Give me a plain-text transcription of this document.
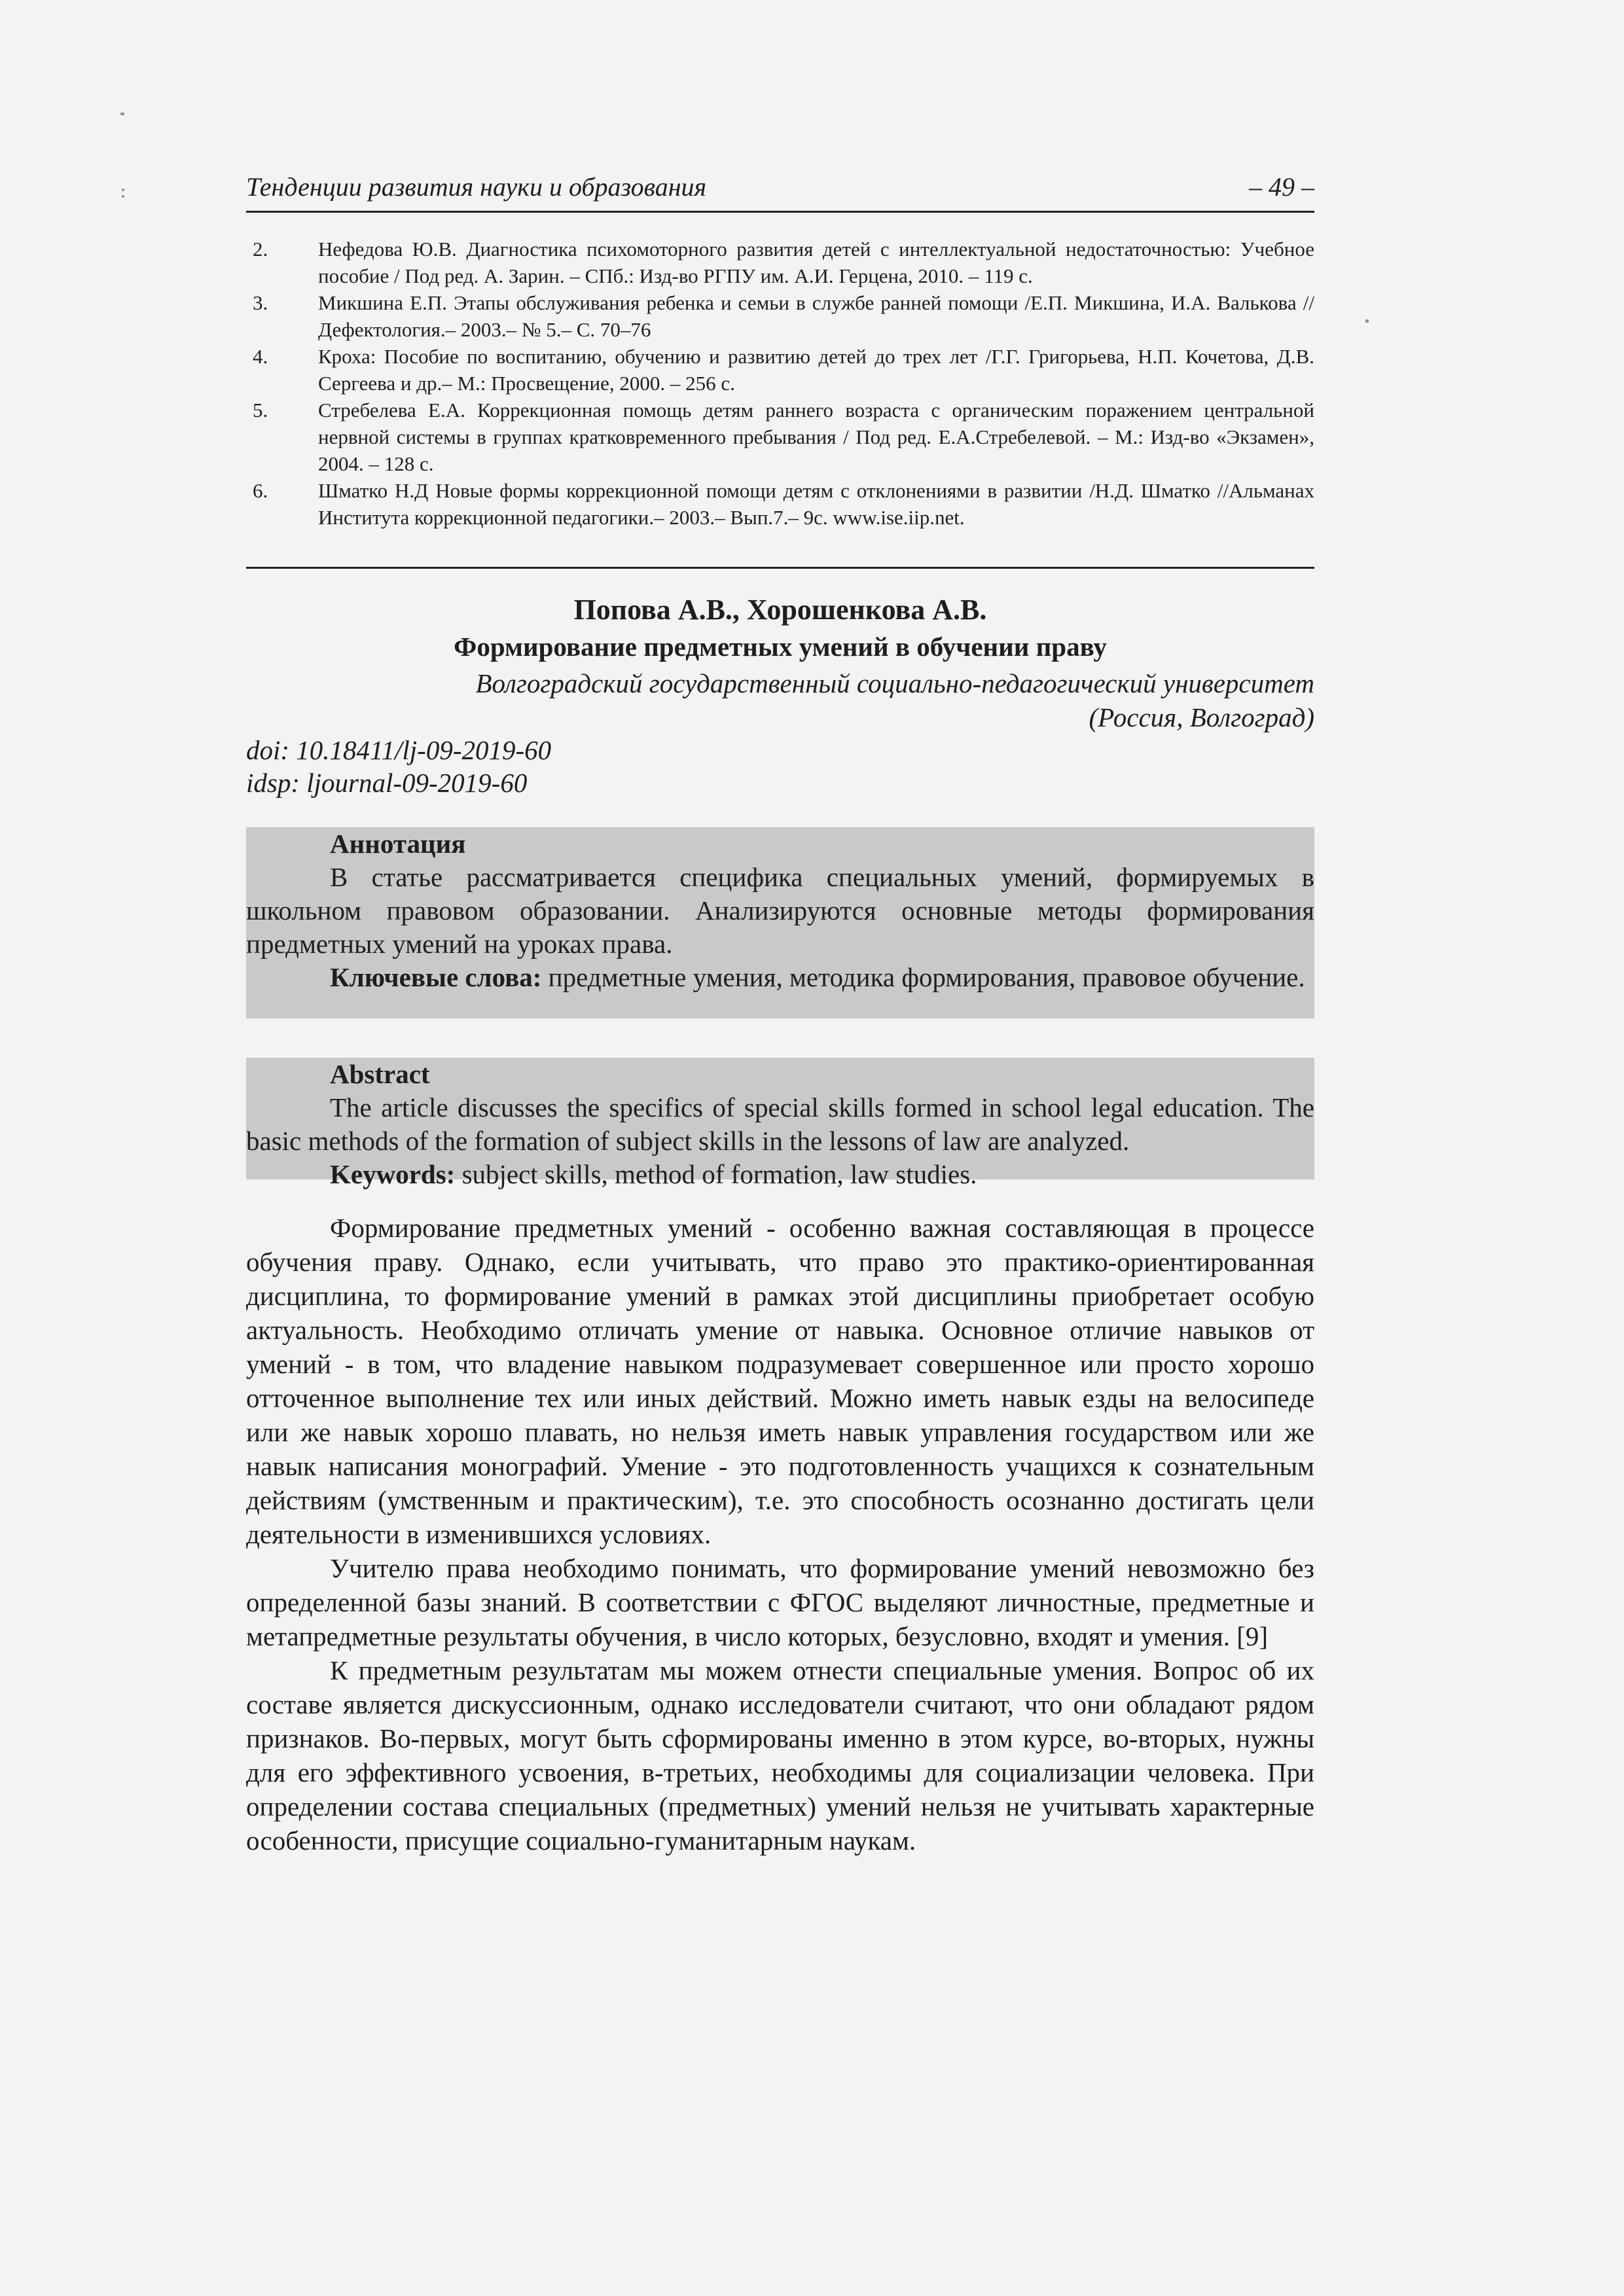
Тенденции развития науки и образования	– 49 –

2. Нефедова Ю.В. Диагностика психомоторного развития детей с интеллектуальной недостаточностью: Учебное пособие / Под ред. А. Зарин. – СПб.: Изд-во РГПУ им. А.И. Герцена, 2010. – 119 с.

3. Микшина Е.П. Этапы обслуживания ребенка и семьи в службе ранней помощи /Е.П. Микшина, И.А. Валькова //Дефектология.– 2003.– № 5.– С. 70–76

4. Кроха: Пособие по воспитанию, обучению и развитию детей до трех лет /Г.Г. Григорьева, Н.П. Кочетова, Д.В. Сергеева и др.– М.: Просвещение, 2000. – 256 с.

5. Стребелева Е.А. Коррекционная помощь детям раннего возраста с органическим поражением центральной нервной системы в группах кратковременного пребывания / Под ред. Е.А.Стребелевой. – М.: Изд-во «Экзамен», 2004. – 128 с.

6. Шматко Н.Д Новые формы коррекционной помощи детям с отклонениями в развитии /Н.Д. Шматко //Альманах Института коррекционной педагогики.– 2003.– Вып.7.– 9с. www.ise.iip.net.

Попова А.В., Хорошенкова А.В.
Формирование предметных умений в обучении праву
Волгоградский государственный социально-педагогический университет
(Россия, Волгоград)
doi: 10.18411/lj-09-2019-60
idsp: ljournal-09-2019-60

Аннотация

В статье рассматривается специфика специальных умений, формируемых в школьном правовом образовании. Анализируются основные методы формирования предметных умений на уроках права.

Ключевые слова: предметные умения, методика формирования, правовое обучение.

Abstract

The article discusses the specifics of special skills formed in school legal education. The basic methods of the formation of subject skills in the lessons of law are analyzed.

Keywords: subject skills, method of formation, law studies.

Формирование предметных умений - особенно важная составляющая в процессе обучения праву. Однако, если учитывать, что право это практико-ориентированная дисциплина, то формирование умений в рамках этой дисциплины приобретает особую актуальность. Необходимо отличать умение от навыка. Основное отличие навыков от умений - в том, что владение навыком подразумевает совершенное или просто хорошо отточенное выполнение тех или иных действий. Можно иметь навык езды на велосипеде или же навык хорошо плавать, но нельзя иметь навык управления государством или же навык написания монографий. Умение - это подготовленность учащихся к сознательным действиям (умственным и практическим), т.е. это способность осознанно достигать цели деятельности в изменившихся условиях.

Учителю права необходимо понимать, что формирование умений невозможно без определенной базы знаний. В соответствии с ФГОС выделяют личностные, предметные и метапредметные результаты обучения, в число которых, безусловно, входят и умения. [9]

К предметным результатам мы можем отнести специальные умения. Вопрос об их составе является дискуссионным, однако исследователи считают, что они обладают рядом признаков. Во-первых, могут быть сформированы именно в этом курсе, во-вторых, нужны для его эффективного усвоения, в-третьих, необходимы для социализации человека. При определении состава специальных (предметных) умений нельзя не учитывать характерные особенности, присущие социально-гуманитарным наукам.
